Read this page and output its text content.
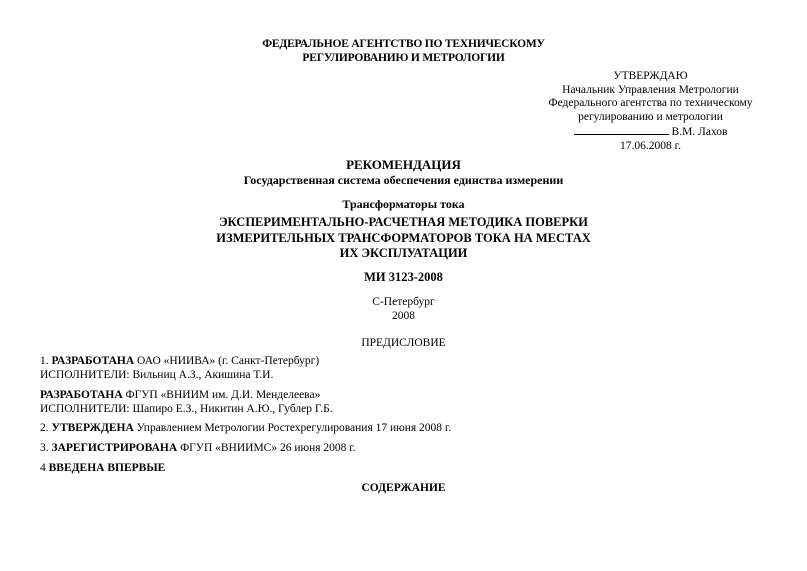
ФЕДЕРАЛЬНОЕ АГЕНТСТВО ПО ТЕХНИЧЕСКОМУ
РЕГУЛИРОВАНИЮ И МЕТРОЛОГИИ
УТВЕРЖДАЮ
Начальник Управления Метрологии
Федерального агентства по техническому
регулированию и метрологии
В.М. Лахов
17.06.2008 г.
РЕКОМЕНДАЦИЯ
Государственная система обеспечения единства измерении
Трансформаторы тока
ЭКСПЕРИМЕНТАЛЬНО-РАСЧЕТНАЯ МЕТОДИКА ПОВЕРКИ
ИЗМЕРИТЕЛЬНЫХ ТРАНСФОРМАТОРОВ ТОКА НА МЕСТАХ
ИХ ЭКСПЛУАТАЦИИ
МИ 3123-2008
С-Петербург
2008
ПРЕДИСЛОВИЕ

1. РАЗРАБОТАНА ОАО «НИИВА» (г. Санкт-Петербург)

ИСПОЛНИТЕЛИ: Вильниц А.З., Акишина Т.И.

РАЗРАБОТАНА ФГУП «ВНИИМ им. Д.И. Менделеева»

ИСПОЛНИТЕЛИ: Шапиро Е.З., Никитин А.Ю., Гублер Г.Б.

2. УТВЕРЖДЕНА Управлением Метрологии Ростехрегулирования 17 июня 2008 г.

3. ЗАРЕГИСТРИРОВАНА ФГУП «ВНИИМС» 26 июня 2008 г.

4 ВВЕДЕНА ВПЕРВЫЕ

СОДЕРЖАНИЕ
